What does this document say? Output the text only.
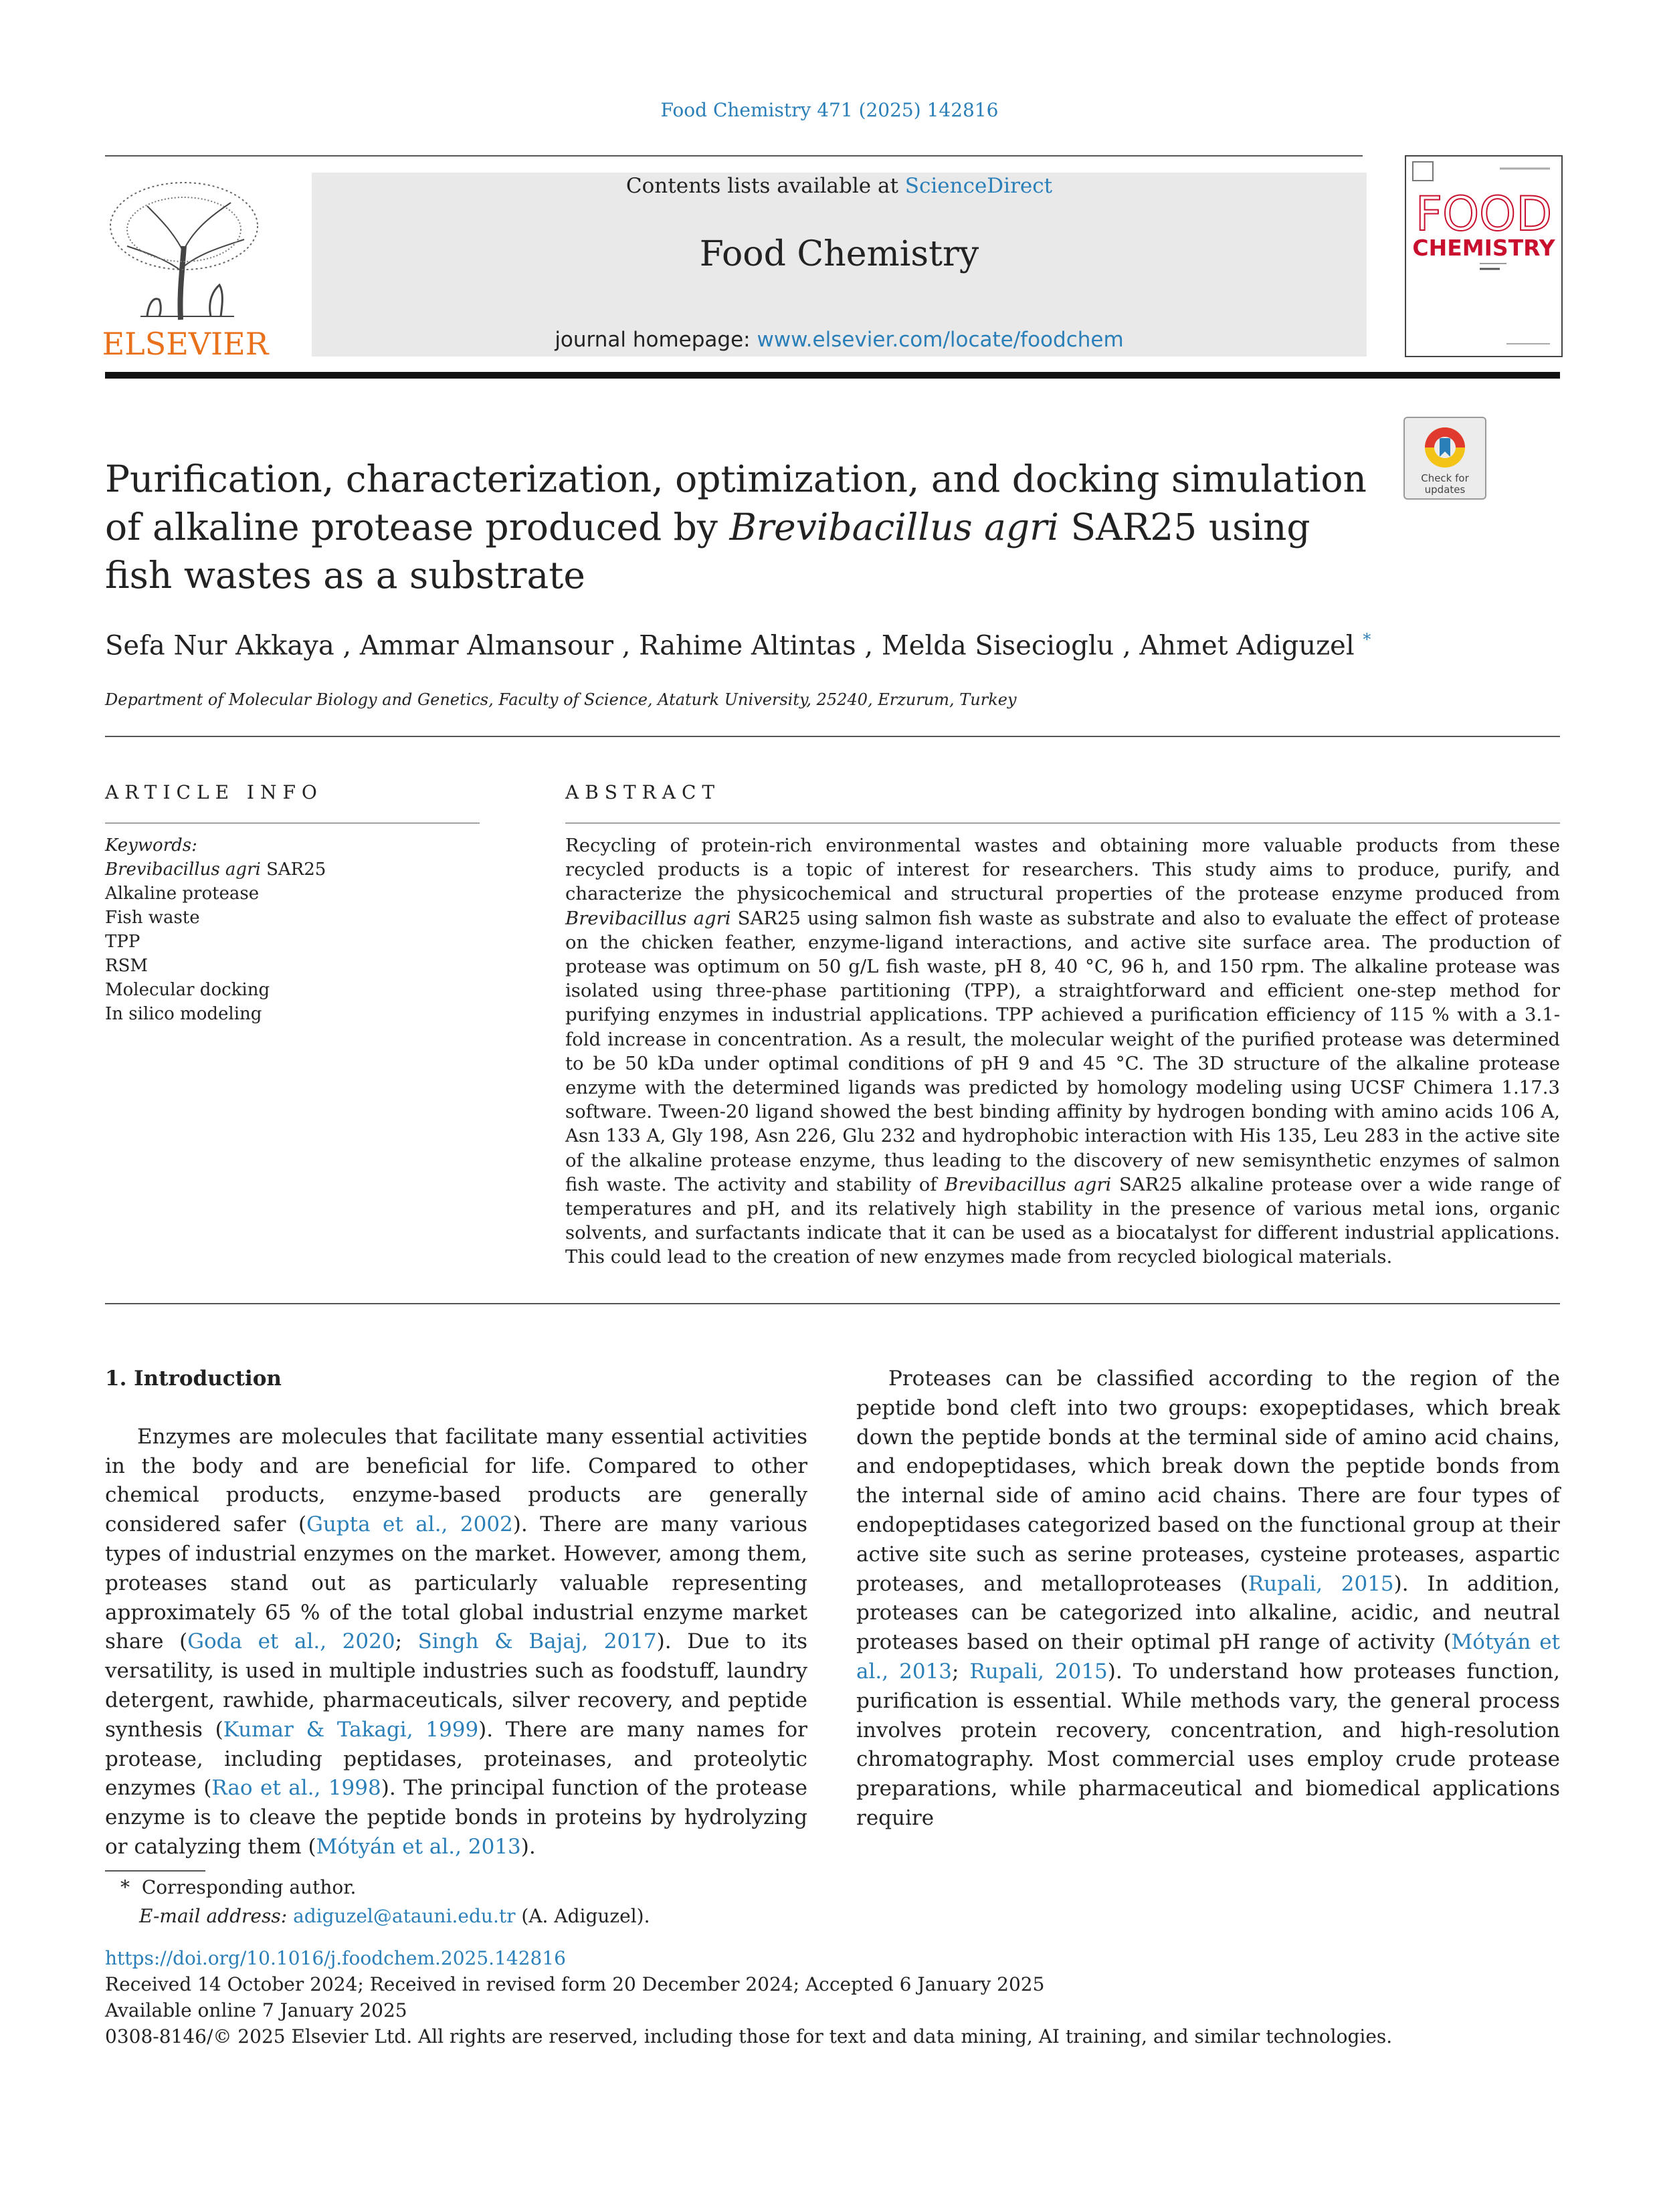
Food Chemistry 471 (2025) 142816
ELSEVIER
Contents lists available at ScienceDirect
Food Chemistry
journal homepage: www.elsevier.com/locate/foodchem
FOOD
CHEMISTRY
Check for
updates
Purification, characterization, optimization, and docking simulation of alkaline protease produced by Brevibacillus agri SAR25 using fish wastes as a substrate
Sefa Nur Akkaya , Ammar Almansour , Rahime Altintas , Melda Sisecioglu , Ahmet Adiguzel *
Department of Molecular Biology and Genetics, Faculty of Science, Ataturk University, 25240, Erzurum, Turkey
ARTICLE INFO	ABSTRACT
Keywords:
Brevibacillus agri SAR25
Alkaline protease
Fish waste
TPP
RSM
Molecular docking
In silico modeling
Recycling of protein-rich environmental wastes and obtaining more valuable products from these recycled products is a topic of interest for researchers. This study aims to produce, purify, and characterize the physicochemical and structural properties of the protease enzyme produced from Brevibacillus agri SAR25 using salmon fish waste as substrate and also to evaluate the effect of protease on the chicken feather, enzyme-ligand interactions, and active site surface area. The production of protease was optimum on 50 g/L fish waste, pH 8, 40 °C, 96 h, and 150 rpm. The alkaline protease was isolated using three-phase partitioning (TPP), a straightforward and efficient one-step method for purifying enzymes in industrial applications. TPP achieved a purification efficiency of 115 % with a 3.1-fold increase in concentration. As a result, the molecular weight of the purified protease was determined to be 50 kDa under optimal conditions of pH 9 and 45 °C. The 3D structure of the alkaline protease enzyme with the determined ligands was predicted by homology modeling using UCSF Chimera 1.17.3 software. Tween-20 ligand showed the best binding affinity by hydrogen bonding with amino acids 106 A, Asn 133 A, Gly 198, Asn 226, Glu 232 and hydrophobic interaction with His 135, Leu 283 in the active site of the alkaline protease enzyme, thus leading to the discovery of new semisynthetic enzymes of salmon fish waste. The activity and stability of Brevibacillus agri SAR25 alkaline protease over a wide range of temperatures and pH, and its relatively high stability in the presence of various metal ions, organic solvents, and surfactants indicate that it can be used as a biocatalyst for different industrial applications. This could lead to the creation of new enzymes made from recycled biological materials.

1. Introduction

Enzymes are molecules that facilitate many essential activities in the body and are beneficial for life. Compared to other chemical products, enzyme-based products are generally considered safer (Gupta et al., 2002). There are many various types of industrial enzymes on the market. However, among them, proteases stand out as particularly valuable representing approximately 65 % of the total global industrial enzyme market share (Goda et al., 2020; Singh & Bajaj, 2017). Due to its versatility, is used in multiple industries such as foodstuff, laundry detergent, rawhide, pharmaceuticals, silver recovery, and peptide synthesis (Kumar & Takagi, 1999). There are many names for protease, including peptidases, proteinases, and proteolytic enzymes (Rao et al., 1998). The principal function of the protease enzyme is to cleave the peptide bonds in proteins by hydrolyzing or catalyzing them (Mótyán et al., 2013).

Proteases can be classified according to the region of the peptide bond cleft into two groups: exopeptidases, which break down the peptide bonds at the terminal side of amino acid chains, and endopeptidases, which break down the peptide bonds from the internal side of amino acid chains. There are four types of endopeptidases categorized based on the functional group at their active site such as serine proteases, cysteine proteases, aspartic proteases, and metalloproteases (Rupali, 2015). In addition, proteases can be categorized into alkaline, acidic, and neutral proteases based on their optimal pH range of activity (Mótyán et al., 2013; Rupali, 2015). To understand how proteases function, purification is essential. While methods vary, the general process involves protein recovery, concentration, and high-resolution chromatography. Most commercial uses employ crude protease preparations, while pharmaceutical and biomedical applications require

* Corresponding author.
E-mail address: adiguzel@atauni.edu.tr (A. Adiguzel).
https://doi.org/10.1016/j.foodchem.2025.142816
Received 14 October 2024; Received in revised form 20 December 2024; Accepted 6 January 2025
Available online 7 January 2025
0308-8146/© 2025 Elsevier Ltd. All rights are reserved, including those for text and data mining, AI training, and similar technologies.
